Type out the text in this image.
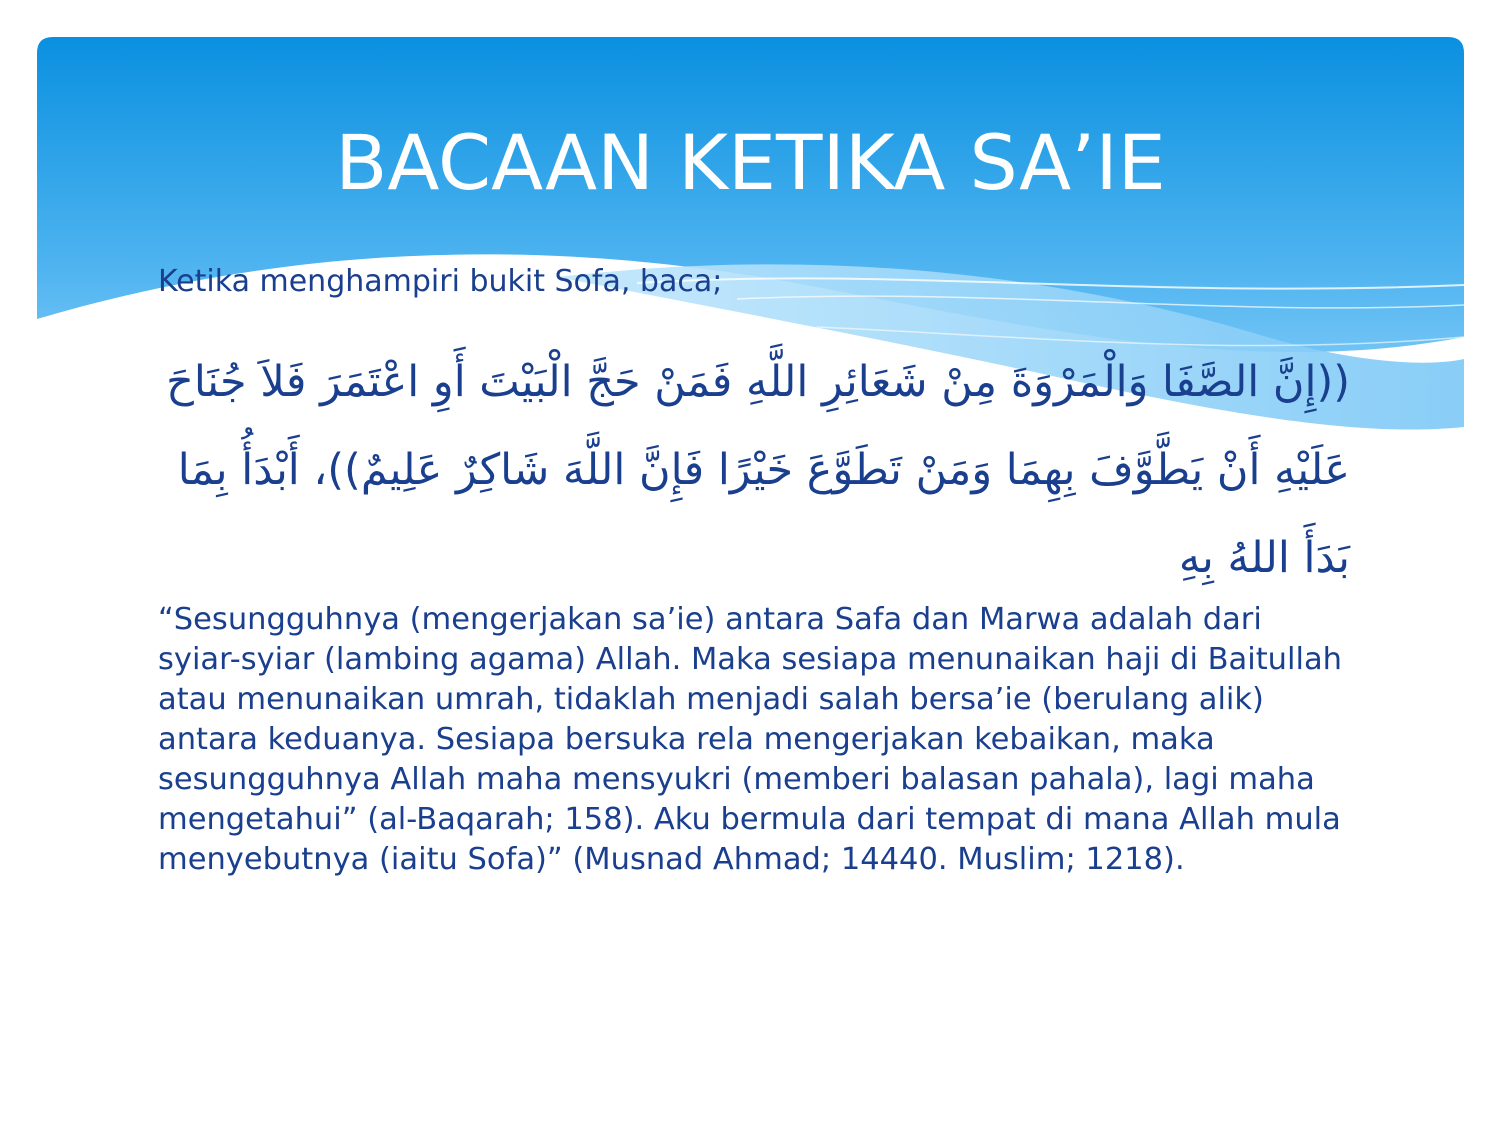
BACAAN KETIKA SA’IE
Ketika menghampiri bukit Sofa, baca;
((إِنَّ الصَّفَا وَالْمَرْوَةَ مِنْ شَعَائِرِ اللَّهِ فَمَنْ حَجَّ الْبَيْتَ أَوِ اعْتَمَرَ فَلاَ جُنَاحَ عَلَيْهِ أَنْ يَطَّوَّفَ بِهِمَا وَمَنْ تَطَوَّعَ خَيْرًا فَإِنَّ اللَّهَ شَاكِرٌ عَلِيمٌ))، أَبْدَأُ بِمَا بَدَأَ اللهُ بِهِ
“Sesungguhnya (mengerjakan sa’ie) antara Safa dan Marwa adalah dari syiar-syiar (lambing agama) Allah. Maka sesiapa menunaikan haji di Baitullah atau menunaikan umrah, tidaklah menjadi salah bersa’ie (berulang alik) antara keduanya. Sesiapa bersuka rela mengerjakan kebaikan, maka sesungguhnya Allah maha mensyukri (memberi balasan pahala), lagi maha mengetahui” (al-Baqarah; 158). Aku bermula dari tempat di mana Allah mula menyebutnya (iaitu Sofa)” (Musnad Ahmad; 14440. Muslim; 1218).
